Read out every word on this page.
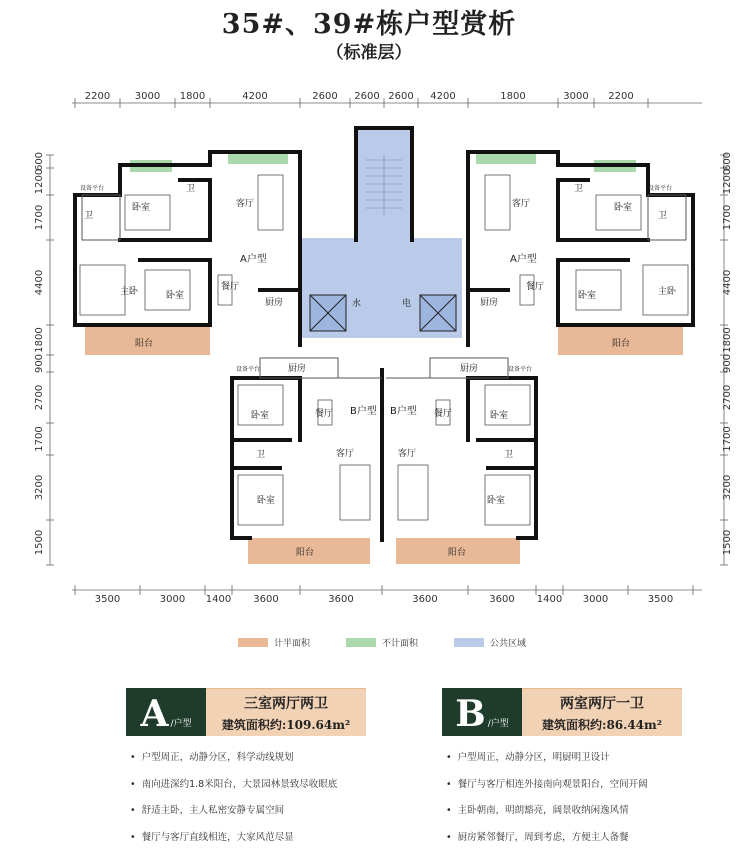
35#、39#栋户型赏析
（标准层）
2200 3000 1800	4200	2600 2600 2600 4200	1800	3000 2200
3500	3000 1400 3600	3600	3600	3600 1400 3000	3500
600
1200
1700
4400
1800
900
2700
1700
3200
1500
600
1200
1700
4400
1800
900
2700
1700
3200
1500
卧室
卫
卫
客厅
A户型
主卧	卧室
餐厅
厨房
阳台
设备平台
卧室
卫
卫
客厅
A户型
主卧
卧室
餐厅
厨房
阳台
设备平台
水	电
厨房	厨房
设备平台	设备平台
卧室	餐厅 B户型
卫	客厅
卧室
阳台
卧室
餐厅
B户型
卫
客厅
卧室
阳台
计半面积	不计面积	公共区域
A /户型
三室两厅两卫
建筑面积约:109.64m²	B /户型
两室两厅一卫
建筑面积约:86.44m²
• 户型周正，动静分区，科学动线规划
• 南向进深约1.8米阳台，大景园林景致尽收眼底
• 舒适主卧，主人私密安静专属空间
• 餐厅与客厅直线相连，大家风范尽显
• 户型周正，动静分区，明厨明卫设计
• 餐厅与客厅相连外接南向观景阳台，空间开阔
• 主卧朝南，明朗豁亮，阔景收纳闲逸风情
• 厨房紧邻餐厅，周到考虑，方便主人备餐
